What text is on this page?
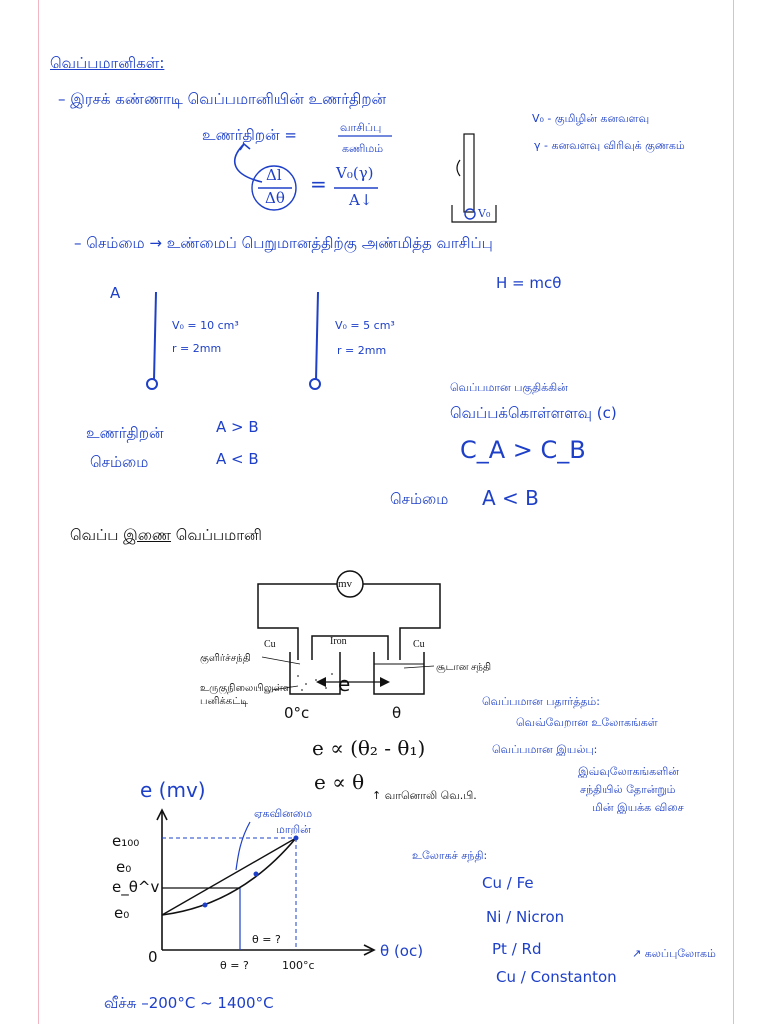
வெப்பமானிகள்:
– இரசக் கண்ணாடி வெப்பமானியின் உணர்திறன்
உணர்திறன் =	வாசிப்பு
கணிமம்
Δl
Δθ
= V₀(γ)
A↓
V₀ - குமிழின் கனவளவு
γ - கனவளவு விரிவுக் குணகம்
V₀
– செம்மை → உண்மைப் பெறுமானத்திற்கு அண்மித்த வாசிப்பு
A
V₀ = 10 cm³
r = 2mm
V₀ = 5 cm³
r = 2mm
H = mcθ
வெப்பமான பகுதிக்கின்
வெப்பக்கொள்ளளவு (c)
C_A > C_B
உணர்திறன்	A > B
செம்மை	A < B
செம்மை A < B
வெப்ப இணை வெப்பமானி
mv
Cu	Iron	Cu
குளிர்ச்சந்தி
சூடான சந்தி
உருகுநிலையிலுள்ள
பனிக்கட்டி
e
0°c	θ
வெப்பமான பதார்த்தம்:
வெவ்வேறான உலோகங்கள்
வெப்பமான இயல்பு:
இவ்வுலோகங்களின்
சந்தியில் தோன்றும்
மின் இயக்க விசை
e ∝ (θ₂ - θ₁)
e ∝ θ
↑ வானொலி வெ.பி.
உலோகச் சந்தி:
Cu / Fe
Ni / Nicron
Pt / Rd	↗ கலப்புலோகம்
Cu / Constanton
வீச்சு –200°C ~ 1400°C
e (mv)
θ (oc)
e₁₀₀
e₀
e_θ^v
e₀
0	θ = ?	100°c
ஏகவினமை
மாறின்
θ = ?
